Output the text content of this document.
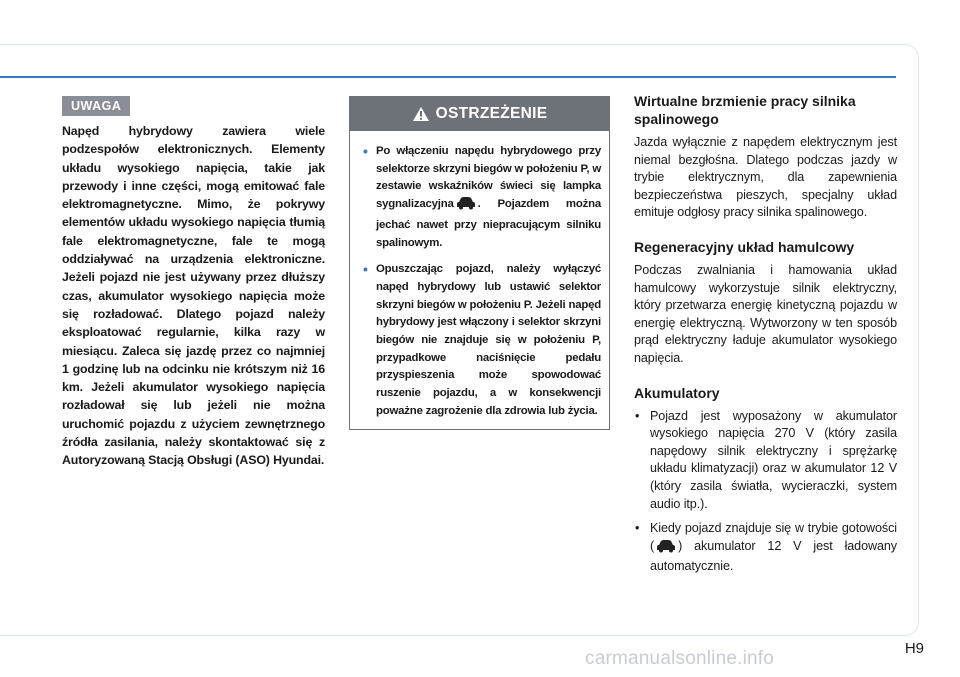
UWAGA

Napęd hybrydowy zawiera wiele podzespołów elektronicznych. Elementy układu wysokiego napięcia, takie jak przewody i inne części, mogą emitować fale elektromagnetyczne. Mimo, że pokrywy elementów układu wysokiego napięcia tłumią fale elektromagnetyczne, fale te mogą oddziaływać na urządzenia elektroniczne. Jeżeli pojazd nie jest używany przez dłuższy czas, akumulator wysokiego napięcia może się rozładować. Dlatego pojazd należy eksploatować regularnie, kilka razy w miesiącu. Zaleca się jazdę przez co najmniej 1 godzinę lub na odcinku nie krótszym niż 16 km. Jeżeli akumulator wysokiego napięcia rozładował się lub jeżeli nie można uruchomić pojazdu z użyciem zewnętrznego źródła zasilania, należy skontaktować się z Autoryzowaną Stacją Obsługi (ASO) Hyundai.

OSTRZEŻENIE
• Po włączeniu napędu hybrydowego przy selektorze skrzyni biegów w położeniu P, w zestawie wskaźników świeci się lampka sygnalizacyjna . Pojazdem można jechać nawet przy niepracującym silniku spalinowym.
• Opuszczając pojazd, należy wyłączyć napęd hybrydowy lub ustawić selektor skrzyni biegów w położeniu P. Jeżeli napęd hybrydowy jest włączony i selektor skrzyni biegów nie znajduje się w położeniu P, przypadkowe naciśnięcie pedału przyspieszenia może spowodować ruszenie pojazdu, a w konsekwencji poważne zagrożenie dla zdrowia lub życia.
Wirtualne brzmienie pracy silnika spalinowego

Jazda wyłącznie z napędem elektrycznym jest niemal bezgłośna. Dlatego podczas jazdy w trybie elektrycznym, dla zapewnienia bezpieczeństwa pieszych, specjalny układ emituje odgłosy pracy silnika spalinowego.

Regeneracyjny układ hamulcowy

Podczas zwalniania i hamowania układ hamulcowy wykorzystuje silnik elektryczny, który przetwarza energię kinetyczną pojazdu w energię elektryczną. Wytworzony w ten sposób prąd elektryczny ładuje akumulator wysokiego napięcia.

Akumulatory
• Pojazd jest wyposażony w akumulator wysokiego napięcia 270 V (który zasila napędowy silnik elektryczny i sprężarkę układu klimatyzacji) oraz w akumulator 12 V (który zasila światła, wycieraczki, system audio itp.).
• Kiedy pojazd znajduje się w trybie gotowości ( ) akumulator 12 V jest ładowany automatycznie.
H9
carmanualsonline.info
